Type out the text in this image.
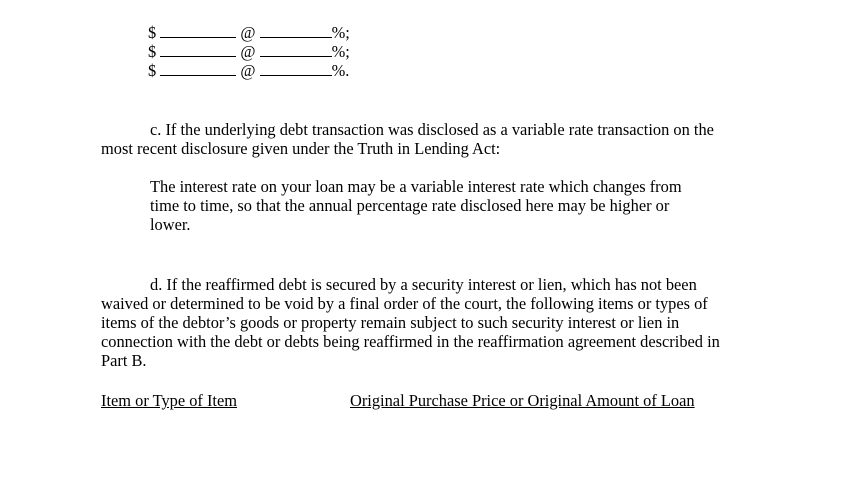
$	@	%;
$	@	%;
$	@	%.
c. If the underlying debt transaction was disclosed as a variable rate transaction on the
most recent disclosure given under the Truth in Lending Act:
The interest rate on your loan may be a variable interest rate which changes from
time to time, so that the annual percentage rate disclosed here may be higher or
lower.
d. If the reaffirmed debt is secured by a security interest or lien, which has not been
waived or determined to be void by a final order of the court, the following items or types of
items of the debtor’s goods or property remain subject to such security interest or lien in
connection with the debt or debts being reaffirmed in the reaffirmation agreement described in
Part B.
Item or Type of Item	Original Purchase Price or Original Amount of Loan
